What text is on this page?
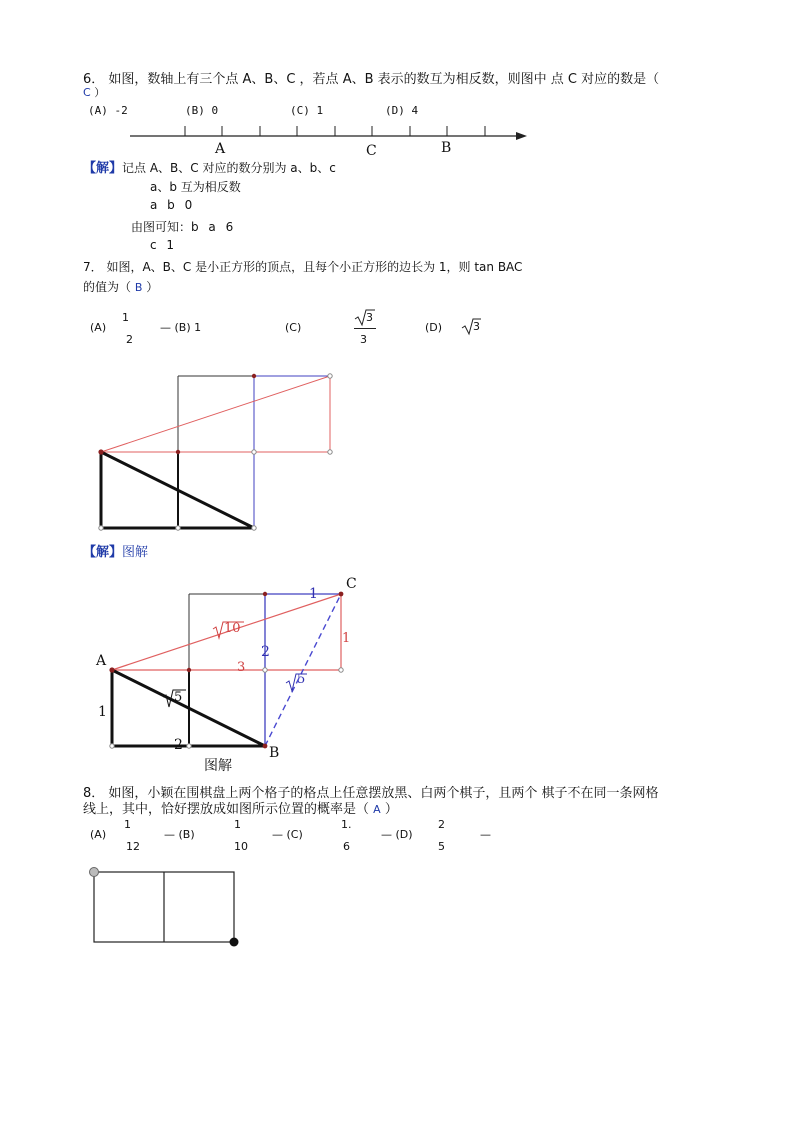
6． 如图，数轴上有三个点 A、B、C ，若点 A、B 表示的数互为相反数，则图中 点 C 对应的数是（
C ）
(A) -2	(B) 0	(C) 1	(D) 4
A	C	B
【解】记点 A、B、C 对应的数分别为 a、b、c
a、b 互为相反数
a b 0
由图可知：b a 6
c 1
7． 如图，A、B、C 是小正方形的顶点，且每个小正方形的边长为 1，则 tan BAC
的值为（ B ）
(A)
1
2
— (B) 1	(C)
3
3
(D)	3
【解】图解
A
B
C
1
1
10
2
3
5
5
1
2
图解
8． 如图，小颖在围棋盘上两个格子的格点上任意摆放黑、白两个棋子，且两个 棋子不在同一条网格
线上，其中，恰好摆放成如图所示位置的概率是（ A ）
(A)
1
12
— (B)
1
10
— (C)
1.
6
— (D)
2
5
—
